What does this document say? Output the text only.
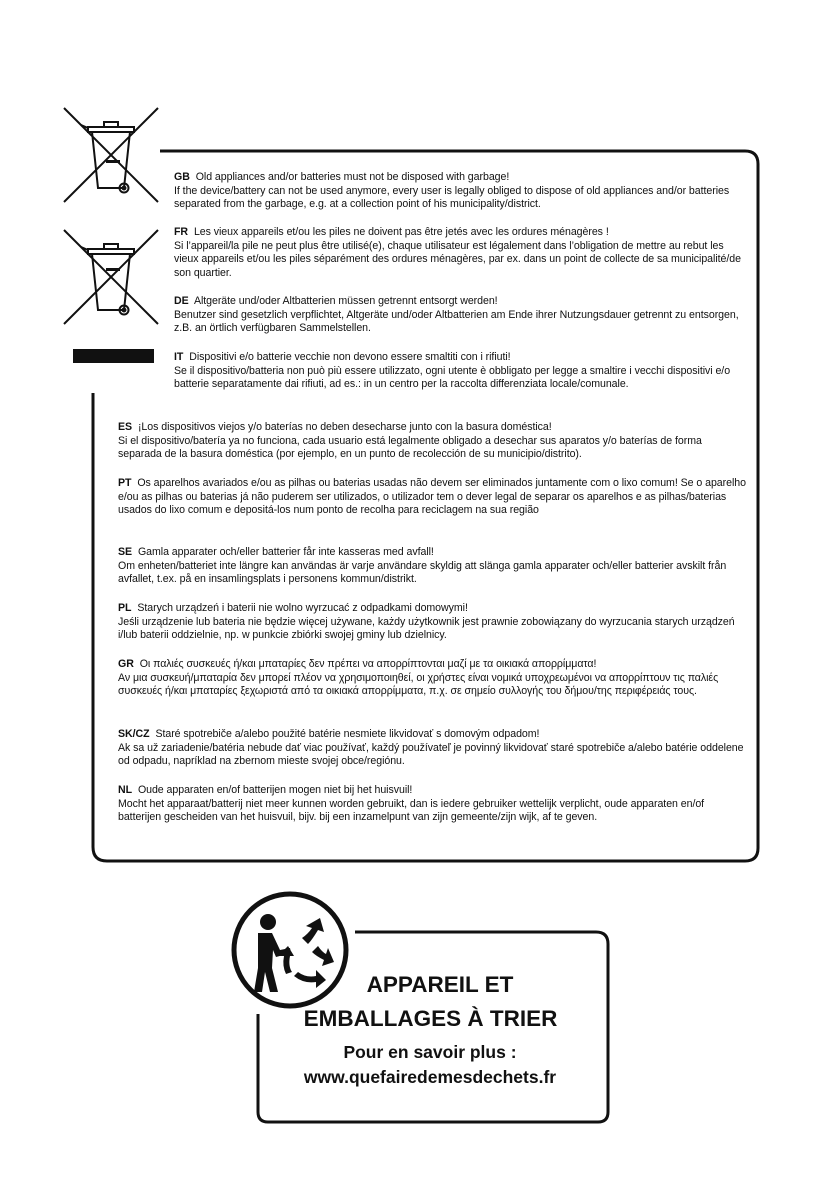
GB Old appliances and/or batteries must not be disposed with garbage!
If the device/battery can not be used anymore, every user is legally obliged to dispose of old appliances and/or batteries separated from the garbage, e.g. at a collection point of his municipality/district.
FR Les vieux appareils et/ou les piles ne doivent pas être jetés avec les ordures ménagères !
Si l’appareil/la pile ne peut plus être utilisé(e), chaque utilisateur est légalement dans l’obligation de mettre au rebut les vieux appareils et/ou les piles séparément des ordures ménagères, par ex. dans un point de collecte de sa municipalité/de son quartier.
DE Altgeräte und/oder Altbatterien müssen getrennt entsorgt werden!
Benutzer sind gesetzlich verpflichtet, Altgeräte und/oder Altbatterien am Ende ihrer Nutzungsdauer getrennt zu entsorgen, z.B. an örtlich verfügbaren Sammelstellen.
IT Dispositivi e/o batterie vecchie non devono essere smaltiti con i rifiuti!
Se il dispositivo/batteria non può più essere utilizzato, ogni utente è obbligato per legge a smaltire i vecchi dispositivi e/o batterie separatamente dai rifiuti, ad es.: in un centro per la raccolta differenziata locale/comunale.
ES ¡Los dispositivos viejos y/o baterías no deben desecharse junto con la basura doméstica!
Si el dispositivo/batería ya no funciona, cada usuario está legalmente obligado a desechar sus aparatos y/o baterías de forma separada de la basura doméstica (por ejemplo, en un punto de recolección de su municipio/distrito).
PT Os aparelhos avariados e/ou as pilhas ou baterias usadas não devem ser eliminados juntamente com o lixo comum! Se o aparelho e/ou as pilhas ou baterias já não puderem ser utilizados, o utilizador tem o dever legal de separar os aparelhos e as pilhas/baterias usados do lixo comum e depositá-los num ponto de recolha para reciclagem na sua região
SE Gamla apparater och/eller batterier får inte kasseras med avfall!
Om enheten/batteriet inte längre kan användas är varje användare skyldig att slänga gamla apparater och/eller batterier avskilt från avfallet, t.ex. på en insamlingsplats i personens kommun/distrikt.
PL Starych urządzeń i baterii nie wolno wyrzucać z odpadkami domowymi!
Jeśli urządzenie lub bateria nie będzie więcej używane, każdy użytkownik jest prawnie zobowiązany do wyrzucania starych urządzeń i/lub baterii oddzielnie, np. w punkcie zbiórki swojej gminy lub dzielnicy.
GR Οι παλιές συσκευές ή/και μπαταρίες δεν πρέπει να απορρίπτονται μαζί με τα οικιακά απορρίμματα!
Αν μια συσκευή/μπαταρία δεν μπορεί πλέον να χρησιμοποιηθεί, οι χρήστες είναι νομικά υποχρεωμένοι να απορρίπτουν τις παλιές συσκευές ή/και μπαταρίες ξεχωριστά από τα οικιακά απορρίμματα, π.χ. σε σημείο συλλογής του δήμου/της περιφέρειάς τους.
SK/CZ Staré spotrebiče a/alebo použité batérie nesmiete likvidovať s domovým odpadom!
Ak sa už zariadenie/batéria nebude dať viac používať, každý používateľ je povinný likvidovať staré spotrebiče a/alebo batérie oddelene od odpadu, napríklad na zbernom mieste svojej obce/regiónu.
NL Oude apparaten en/of batterijen mogen niet bij het huisvuil!
Mocht het apparaat/batterij niet meer kunnen worden gebruikt, dan is iedere gebruiker wettelijk verplicht, oude apparaten en/of batterijen gescheiden van het huisvuil, bijv. bij een inzamelpunt van zijn gemeente/zijn wijk, af te geven.
APPAREIL ET
EMBALLAGES À TRIER
Pour en savoir plus :
www.quefairedemesdechets.fr
